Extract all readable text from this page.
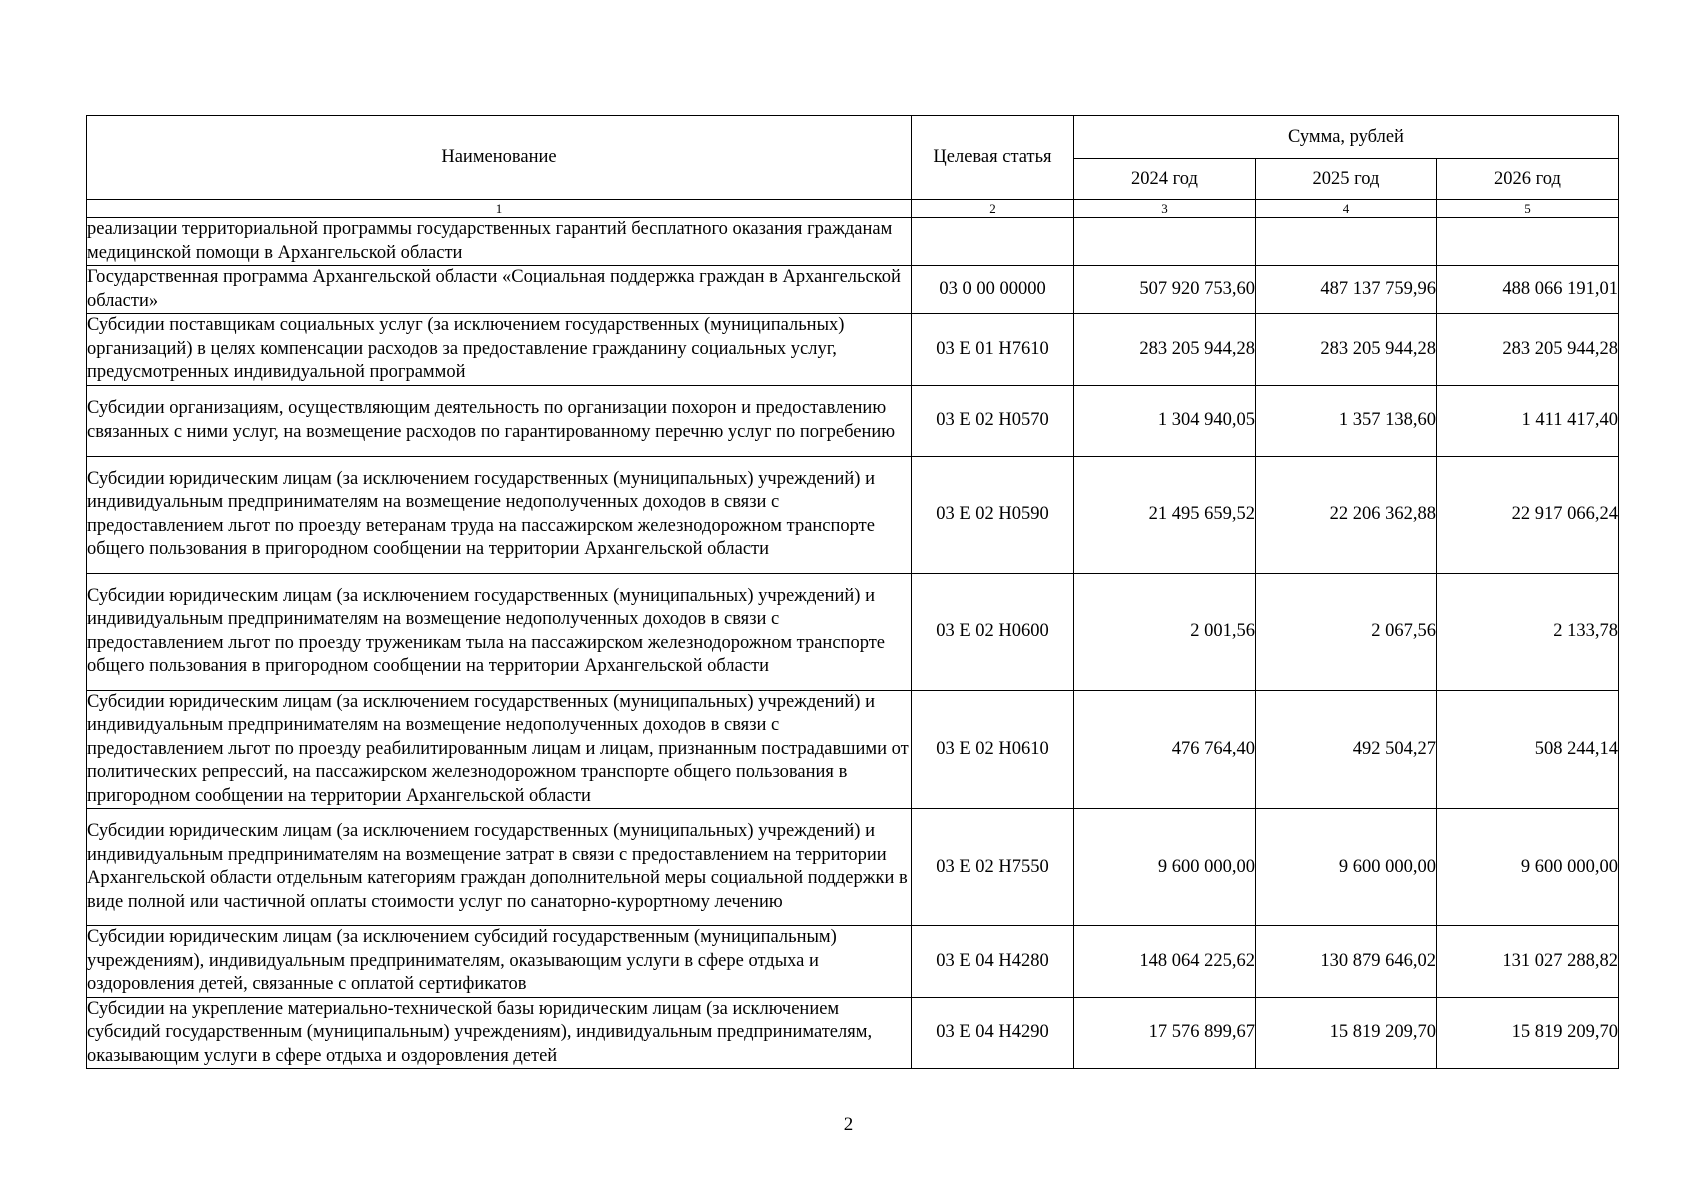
Наименование	Целевая статья	Сумма, рублей		
		2024 год	2025 год	2026 год
1	2	3	4	5
реализации территориальной программы государственных гарантий бесплатного оказания гражданам медицинской помощи в Архангельской области				
Государственная программа Архангельской области «Социальная поддержка граждан в Архангельской области»	03 0 00 00000	507 920 753,60	487 137 759,96	488 066 191,01
Субсидии поставщикам социальных услуг (за исключением государственных (муниципальных) организаций) в целях компенсации расходов за предоставление гражданину социальных услуг, предусмотренных индивидуальной программой	03 Е 01 Н7610	283 205 944,28	283 205 944,28	283 205 944,28
Субсидии организациям, осуществляющим деятельность по организации похорон и предоставлению связанных с ними услуг, на возмещение расходов по гарантированному перечню услуг по погребению	03 Е 02 Н0570	1 304 940,05	1 357 138,60	1 411 417,40
Субсидии юридическим лицам (за исключением государственных (муниципальных) учреждений) и индивидуальным предпринимателям на возмещение недополученных доходов в связи с предоставлением льгот по проезду ветеранам труда на пассажирском железнодорожном транспорте общего пользования в пригородном сообщении на территории Архангельской области	03 Е 02 Н0590	21 495 659,52	22 206 362,88	22 917 066,24
Субсидии юридическим лицам (за исключением государственных (муниципальных) учреждений) и индивидуальным предпринимателям на возмещение недополученных доходов в связи с предоставлением льгот по проезду труженикам тыла на пассажирском железнодорожном транспорте общего пользования в пригородном сообщении на территории Архангельской области	03 Е 02 Н0600	2 001,56	2 067,56	2 133,78
Субсидии юридическим лицам (за исключением государственных (муниципальных) учреждений) и индивидуальным предпринимателям на возмещение недополученных доходов в связи с предоставлением льгот по проезду реабилитированным лицам и лицам, признанным пострадавшими от политических репрессий, на пассажирском железнодорожном транспорте общего пользования в пригородном сообщении на территории Архангельской области	03 Е 02 Н0610	476 764,40	492 504,27	508 244,14
Субсидии юридическим лицам (за исключением государственных (муниципальных) учреждений) и индивидуальным предпринимателям на возмещение затрат в связи с предоставлением на территории Архангельской области отдельным категориям граждан дополнительной меры социальной поддержки в виде полной или частичной оплаты стоимости услуг по санаторно-курортному лечению	03 Е 02 Н7550	9 600 000,00	9 600 000,00	9 600 000,00
Субсидии юридическим лицам (за исключением субсидий государственным (муниципальным) учреждениям), индивидуальным предпринимателям, оказывающим услуги в сфере отдыха и оздоровления детей, связанные с оплатой сертификатов	03 Е 04 Н4280	148 064 225,62	130 879 646,02	131 027 288,82
Субсидии на укрепление материально-технической базы юридическим лицам (за исключением субсидий государственным (муниципальным) учреждениям), индивидуальным предпринимателям, оказывающим услуги в сфере отдыха и оздоровления детей	03 Е 04 Н4290	17 576 899,67	15 819 209,70	15 819 209,70
2
